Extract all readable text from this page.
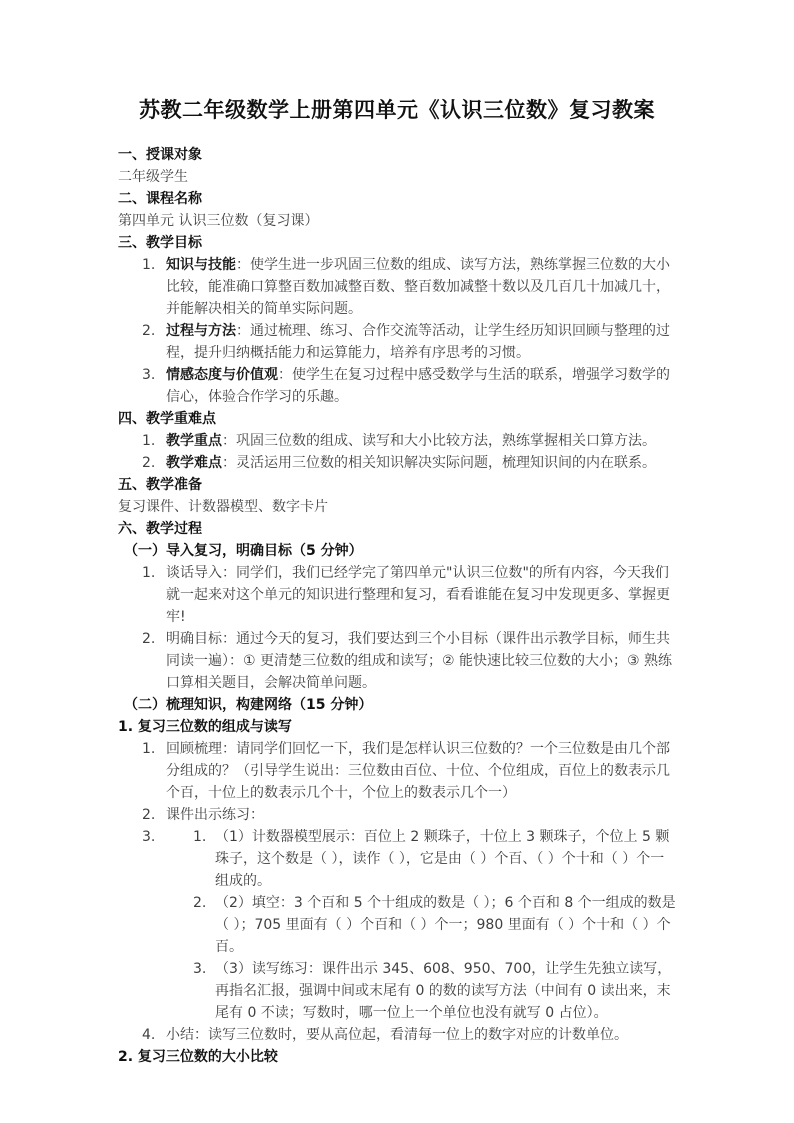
苏教二年级数学上册第四单元《认识三位数》复习教案
一、授课对象
二年级学生
二、课程名称
第四单元 认识三位数（复习课）
三、教学目标
1. 知识与技能：使学生进一步巩固三位数的组成、读写方法，熟练掌握三位数的大小比较，能准确口算整百数加减整百数、整百数加减整十数以及几百几十加减几十，并能解决相关的简单实际问题。
2. 过程与方法：通过梳理、练习、合作交流等活动，让学生经历知识回顾与整理的过程，提升归纳概括能力和运算能力，培养有序思考的习惯。
3. 情感态度与价值观：使学生在复习过程中感受数学与生活的联系，增强学习数学的信心，体验合作学习的乐趣。
四、教学重难点
1. 教学重点：巩固三位数的组成、读写和大小比较方法，熟练掌握相关口算方法。
2. 教学难点：灵活运用三位数的相关知识解决实际问题，梳理知识间的内在联系。
五、教学准备
复习课件、计数器模型、数字卡片
六、教学过程
（一）导入复习，明确目标（5 分钟）
1. 谈话导入：同学们，我们已经学完了第四单元"认识三位数"的所有内容，今天我们就一起来对这个单元的知识进行整理和复习，看看谁能在复习中发现更多、掌握更牢!
2. 明确目标：通过今天的复习，我们要达到三个小目标（课件出示教学目标，师生共同读一遍）：① 更清楚三位数的组成和读写；② 能快速比较三位数的大小；③ 熟练口算相关题目，会解决简单问题。
（二）梳理知识，构建网络（15 分钟）
1. 复习三位数的组成与读写
1. 回顾梳理：请同学们回忆一下，我们是怎样认识三位数的？一个三位数是由几个部分组成的？（引导学生说出：三位数由百位、十位、个位组成，百位上的数表示几个百，十位上的数表示几个十，个位上的数表示几个一）
2. 课件出示练习：
3.	1. （1）计数器模型展示：百位上 2 颗珠子，十位上 3 颗珠子，个位上 5 颗珠子，这个数是（ ），读作（ ），它是由（ ）个百、（ ）个十和（ ）个一组成的。
2. （2）填空：3 个百和 5 个十组成的数是（ ）；6 个百和 8 个一组成的数是（ ）；705 里面有（ ）个百和（ ）个一；980 里面有（ ）个十和（ ）个百。
3. （3）读写练习：课件出示 345、608、950、700，让学生先独立读写，再指名汇报，强调中间或末尾有 0 的数的读写方法（中间有 0 读出来，末尾有 0 不读；写数时，哪一位上一个单位也没有就写 0 占位）。
4. 小结：读写三位数时，要从高位起，看清每一位上的数字对应的计数单位。
2. 复习三位数的大小比较
